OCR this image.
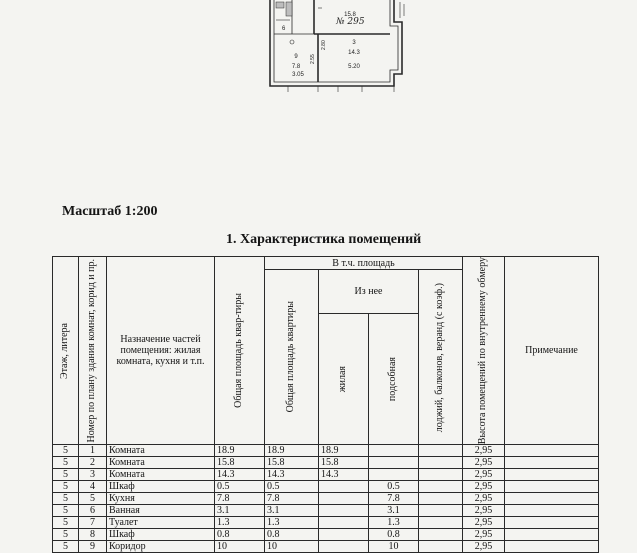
15.8
3
14.3
9
7.8
6
5.20
3.05
2.80
2.55
№ 295
Масштаб 1:200
1. Характеристика помещений
Этаж, литера	Номер по плану здания комнат, корид и пр.	Назначение частей помещения: жилая комната, кухня и т.п.	Общая площадь квар-тиры	В т.ч. площадь				Высота помещений по внутреннему обмеру	Примечание

				Общая площадь квартиры	Из нее		лоджий, балконов, веранд (с коэф.)		

					жилая	подсобная			

5	1	Комната	18.9	18.9	18.9			2,95	
5	2	Комната	15.8	15.8	15.8			2,95	
5	3	Комната	14.3	14.3	14.3			2,95	
5	4	Шкаф	0.5	0.5		0.5		2,95	
5	5	Кухня	7.8	7.8		7.8		2,95	
5	6	Ванная	3.1	3.1		3.1		2,95	
5	7	Туалет	1.3	1.3		1.3		2,95	
5	8	Шкаф	0.8	0.8		0.8		2,95	
5	9	Коридор	10	10		10		2,95	
